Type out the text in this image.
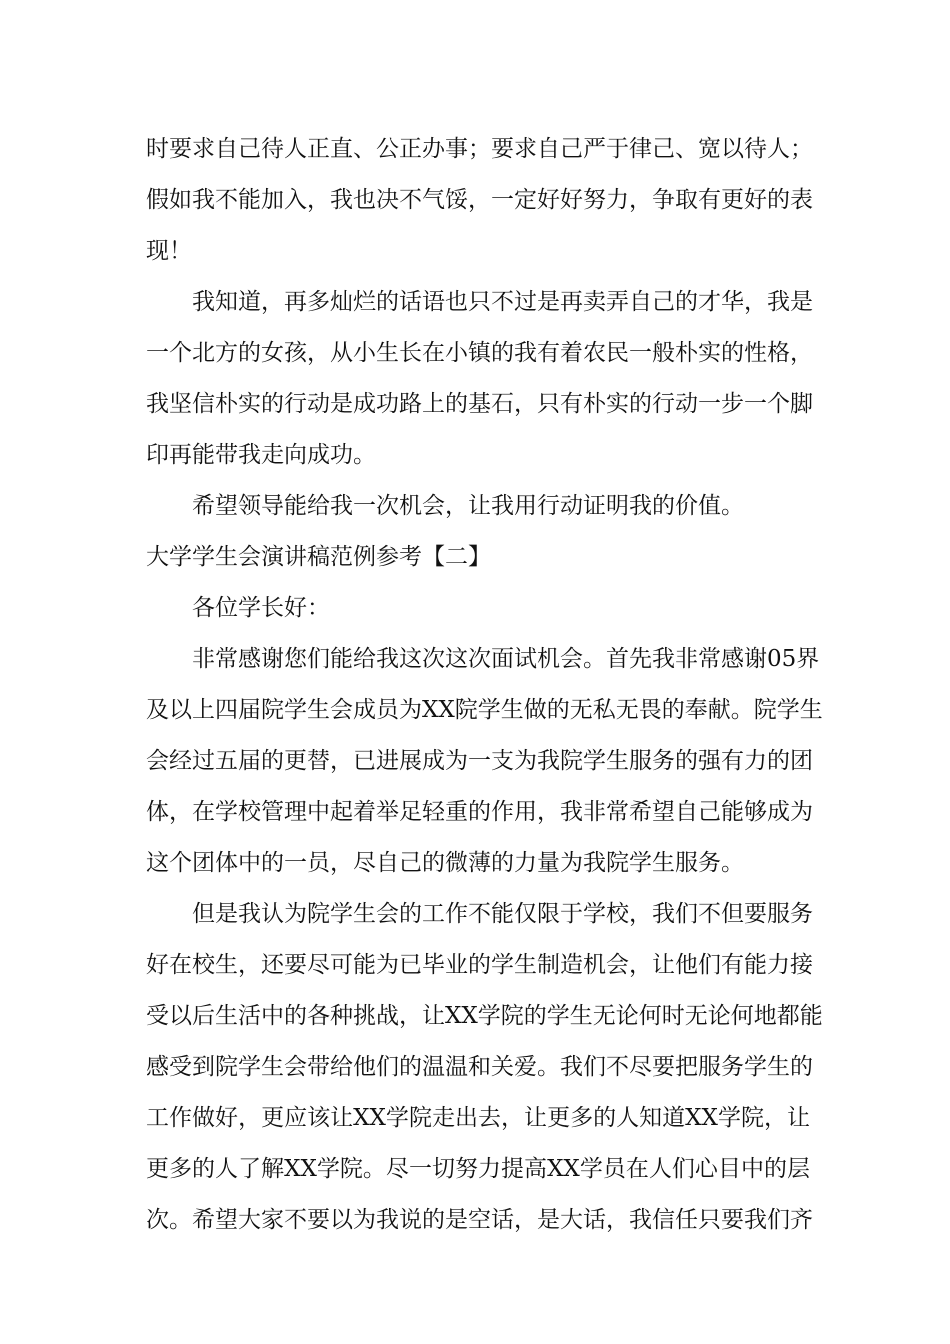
时要求自己待人正直、公正办事；要求自己严于律己、宽以待人；
假如我不能加入，我也决不气馁，一定好好努力，争取有更好的表
现！
我知道，再多灿烂的话语也只不过是再卖弄自己的才华，我是
一个北方的女孩，从小生长在小镇的我有着农民一般朴实的性格，
我坚信朴实的行动是成功路上的基石，只有朴实的行动一步一个脚
印再能带我走向成功。
希望领导能给我一次机会，让我用行动证明我的价值。
大学学生会演讲稿范例参考【二】
各位学长好：
非常感谢您们能给我这次这次面试机会。首先我非常感谢05界
及以上四届院学生会成员为XX院学生做的无私无畏的奉献。院学生
会经过五届的更替，已进展成为一支为我院学生服务的强有力的团
体，在学校管理中起着举足轻重的作用，我非常希望自己能够成为
这个团体中的一员，尽自己的微薄的力量为我院学生服务。
但是我认为院学生会的工作不能仅限于学校，我们不但要服务
好在校生，还要尽可能为已毕业的学生制造机会，让他们有能力接
受以后生活中的各种挑战，让XX学院的学生无论何时无论何地都能
感受到院学生会带给他们的温温和关爱。我们不尽要把服务学生的
工作做好，更应该让XX学院走出去，让更多的人知道XX学院，让
更多的人了解XX学院。尽一切努力提高XX学员在人们心目中的层
次。希望大家不要以为我说的是空话，是大话，我信任只要我们齐
